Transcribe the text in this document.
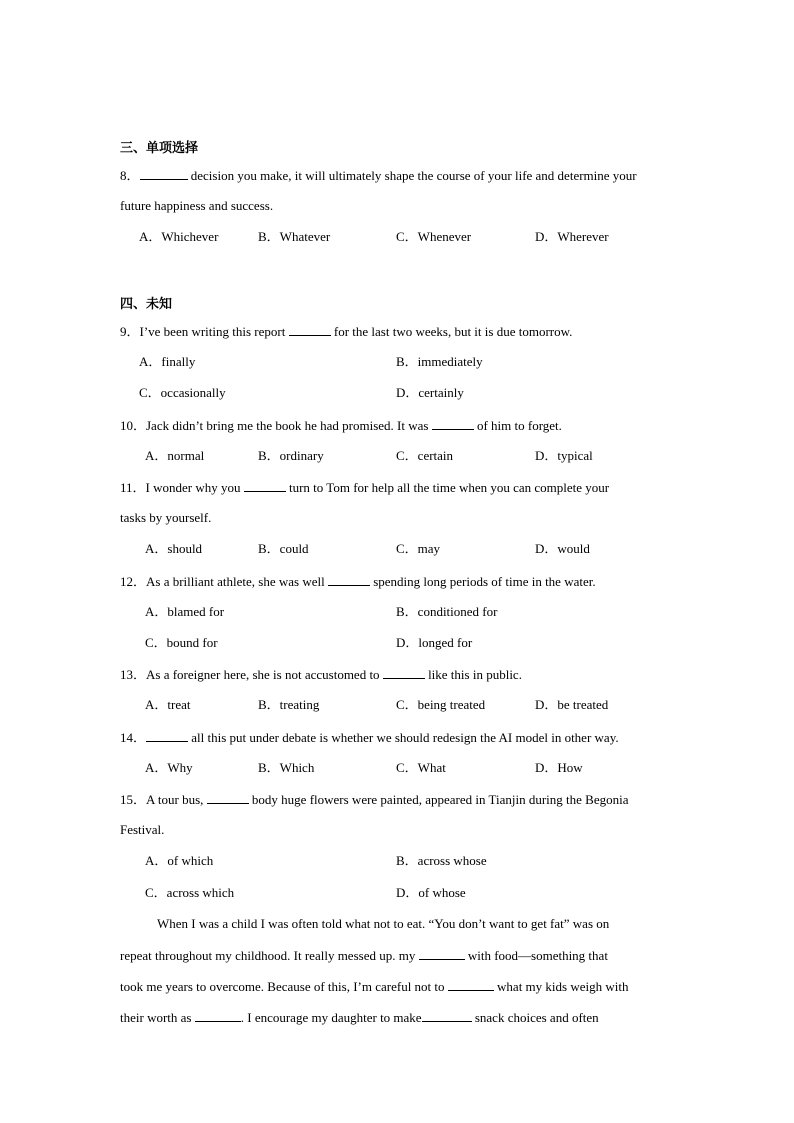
三、单项选择
8．	decision you make, it will ultimately shape the course of your life and determine your
future happiness and success.
A．Whichever	B．Whatever	C．Whenever	D．Wherever
四、未知
9．I’ve been writing this report	for the last two weeks, but it is due tomorrow.
A．finally	B．immediately
C．occasionally	D．certainly
10．Jack didn’t bring me the book he had promised. It was	of him to forget.
A．normal	B．ordinary	C．certain	D．typical
11．I wonder why you	turn to Tom for help all the time when you can complete your
tasks by yourself.
A．should	B．could	C．may	D．would
12．As a brilliant athlete, she was well	spending long periods of time in the water.
A．blamed for	B．conditioned for
C．bound for	D．longed for
13．As a foreigner here, she is not accustomed to	like this in public.
A．treat	B．treating	C．being treated	D．be treated
14．	all this put under debate is whether we should redesign the AI model in other way.
A．Why	B．Which	C．What	D．How
15．A tour bus,	body huge flowers were painted, appeared in Tianjin during the Begonia
Festival.
A．of which	B．across whose
C．across which	D．of whose
When I was a child I was often told what not to eat. “You don’t want to get fat” was on
repeat throughout my childhood. It really messed up. my	with food—something that
took me years to overcome. Because of this, I’m careful not to	what my kids weigh with
their worth as	. I encourage my daughter to make	snack choices and often
